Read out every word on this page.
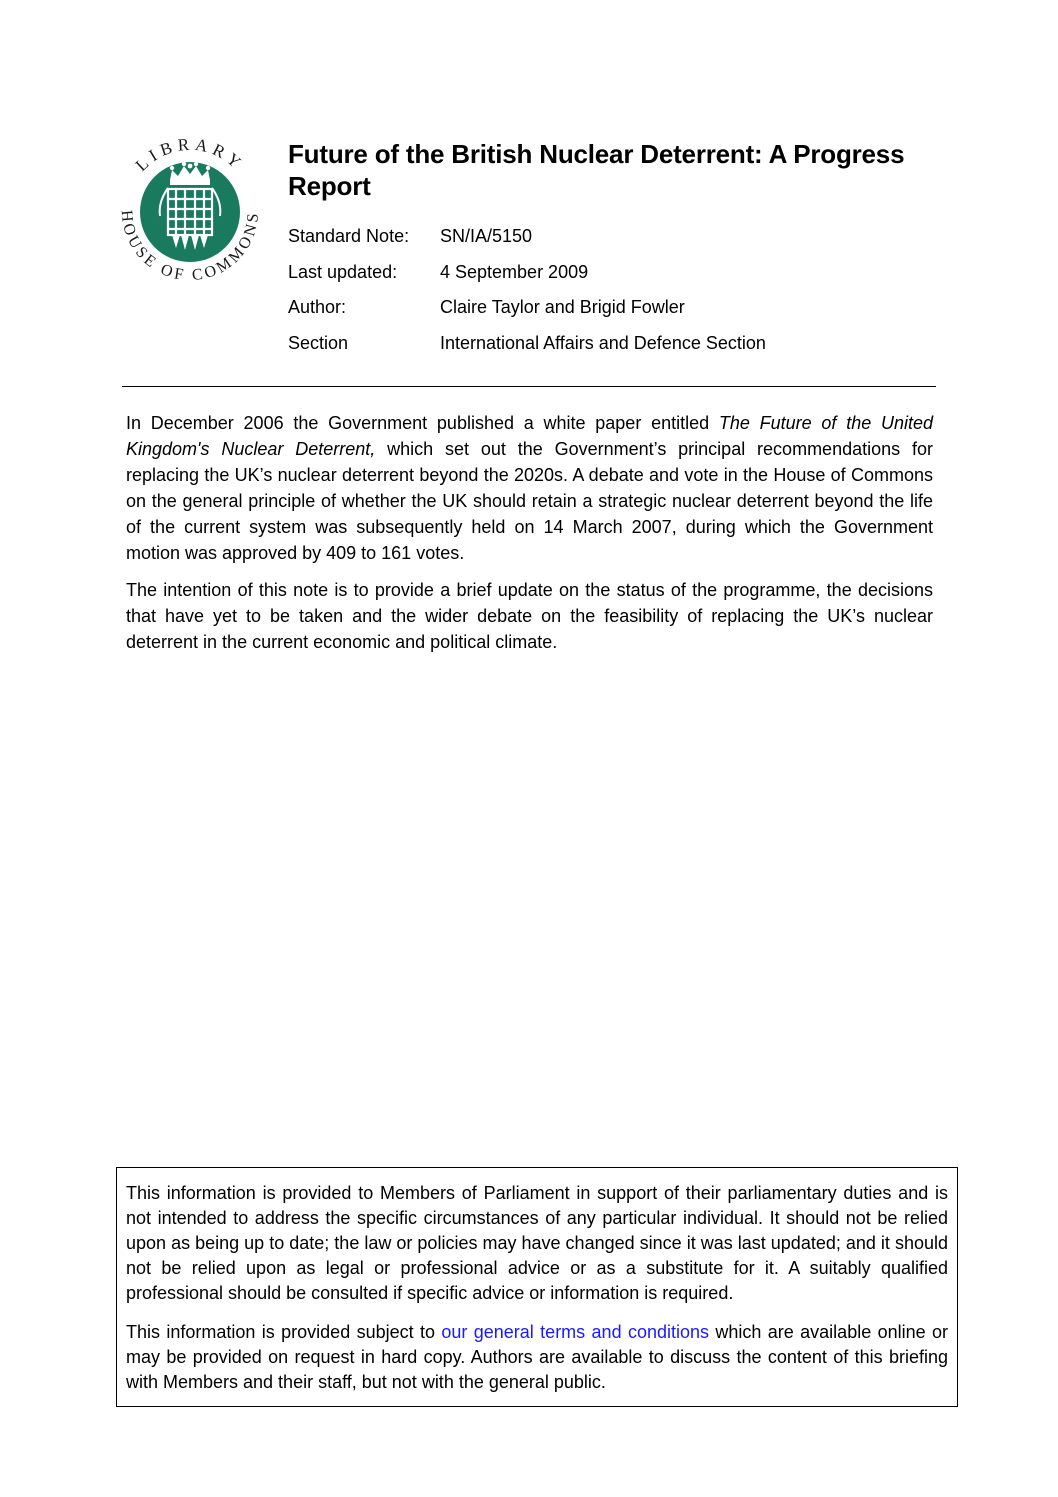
LIBRARY
HOUSE OF COMMONS
Future of the British Nuclear Deterrent: A Progress Report
Standard Note:	SN/IA/5150
Last updated:	4 September 2009
Author:	Claire Taylor and Brigid Fowler
Section	International Affairs and Defence Section

In December 2006 the Government published a white paper entitled The Future of the United Kingdom's Nuclear Deterrent, which set out the Government’s principal recommendations for replacing the UK’s nuclear deterrent beyond the 2020s. A debate and vote in the House of Commons on the general principle of whether the UK should retain a strategic nuclear deterrent beyond the life of the current system was subsequently held on 14 March 2007, during which the Government motion was approved by 409 to 161 votes.

The intention of this note is to provide a brief update on the status of the programme, the decisions that have yet to be taken and the wider debate on the feasibility of replacing the UK’s nuclear deterrent in the current economic and political climate.

This information is provided to Members of Parliament in support of their parliamentary duties and is not intended to address the specific circumstances of any particular individual. It should not be relied upon as being up to date; the law or policies may have changed since it was last updated; and it should not be relied upon as legal or professional advice or as a substitute for it. A suitably qualified professional should be consulted if specific advice or information is required.

This information is provided subject to our general terms and conditions which are available online or may be provided on request in hard copy. Authors are available to discuss the content of this briefing with Members and their staff, but not with the general public.
